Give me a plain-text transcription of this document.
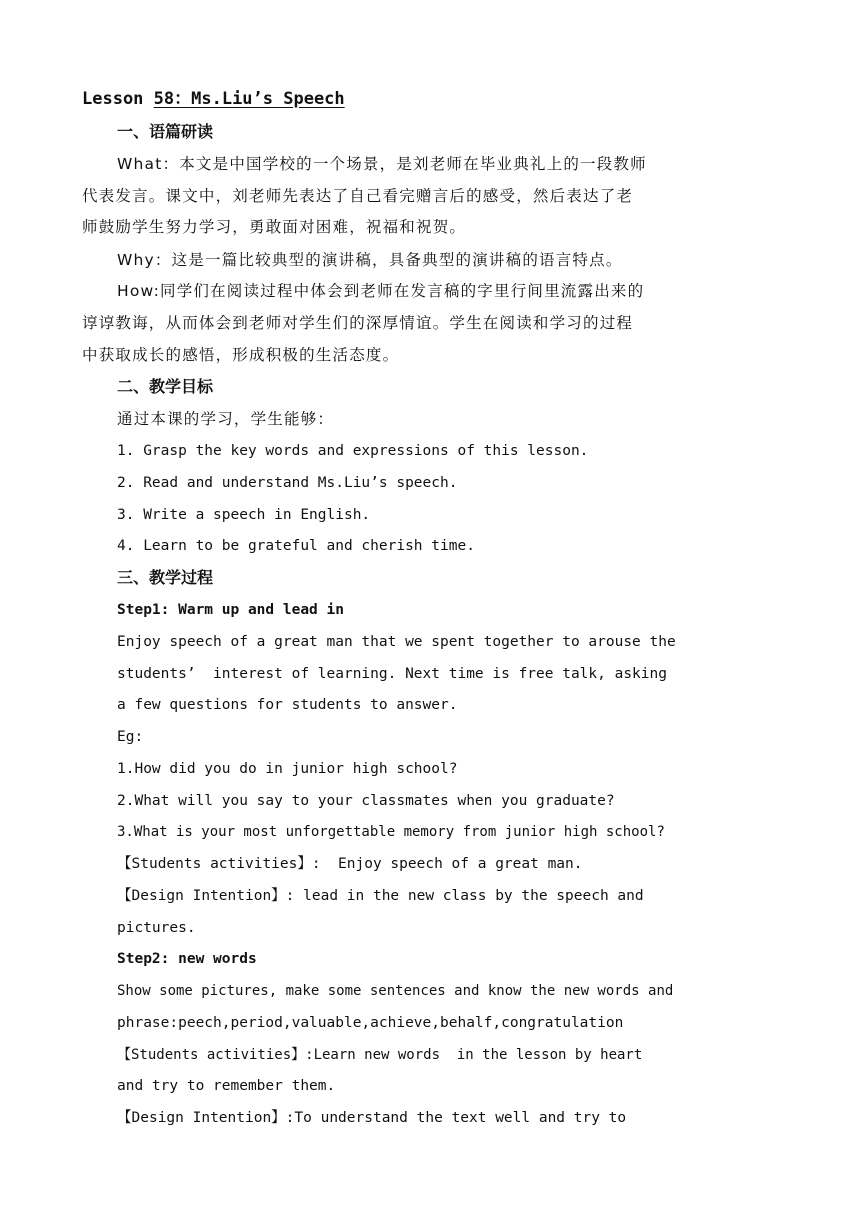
Lesson 58：Ms.Liu’s Speech
一、语篇研读
What：本文是中国学校的一个场景，是刘老师在毕业典礼上的一段教师
代表发言。课文中，刘老师先表达了自己看完赠言后的感受，然后表达了老
师鼓励学生努力学习，勇敢面对困难，祝福和祝贺。
Why：这是一篇比较典型的演讲稿，具备典型的演讲稿的语言特点。
How:同学们在阅读过程中体会到老师在发言稿的字里行间里流露出来的
谆谆教诲，从而体会到老师对学生们的深厚情谊。学生在阅读和学习的过程
中获取成长的感悟，形成积极的生活态度。
二、教学目标
通过本课的学习，学生能够：
1. Grasp the key words and expressions of this lesson.
2. Read and understand Ms.Liu’s speech.
3. Write a speech in English.
4. Learn to be grateful and cherish time.
三、教学过程
Step1: Warm up and lead in
Enjoy speech of a great man that we spent together to arouse the
students’  interest of learning. Next time is free talk, asking
a few questions for students to answer.
Eg:
1.How did you do in junior high school?
2.What will you say to your classmates when you graduate?
3.What is your most unforgettable memory from junior high school?
【Students activities】:  Enjoy speech of a great man.
【Design Intention】: lead in the new class by the speech and
pictures.
Step2: new words
Show some pictures, make some sentences and know the new words and
phrase:peech,period,valuable,achieve,behalf,congratulation
【Students activities】:Learn new words  in the lesson by heart
and try to remember them.
【Design Intention】:To understand the text well and try to
